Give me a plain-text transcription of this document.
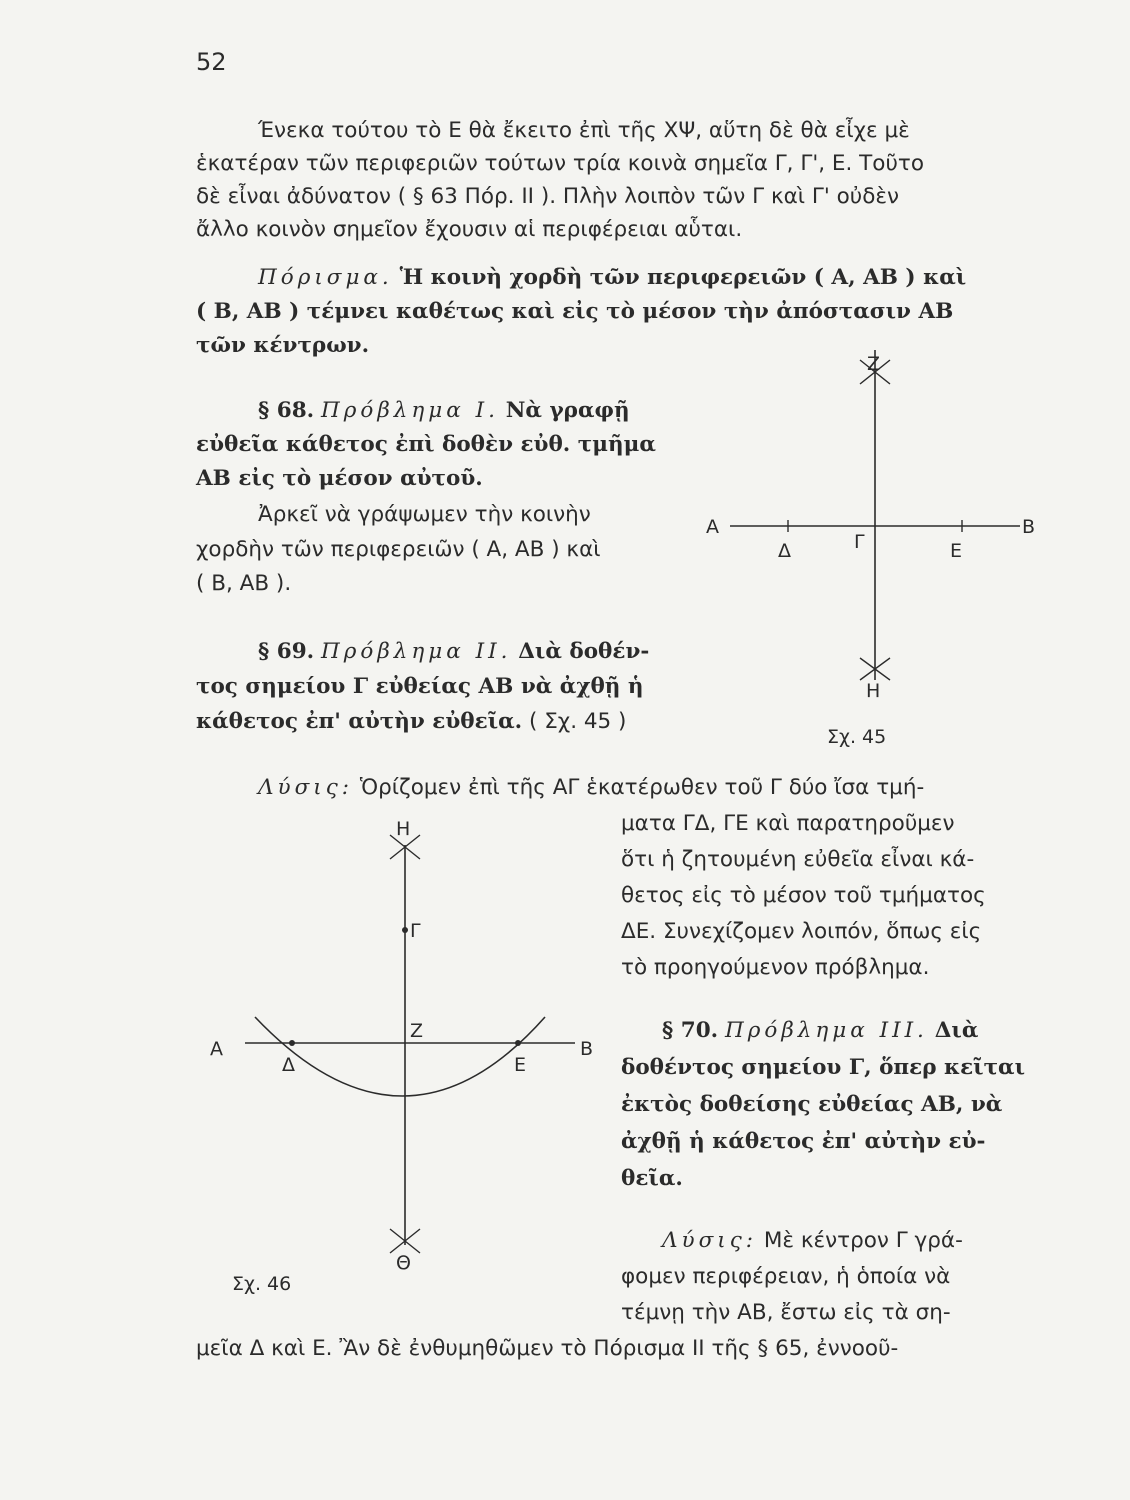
52
Ένεκα τούτου τὸ Ε θὰ ἔκειτο ἐπὶ τῆς ΧΨ, αὕτη δὲ θὰ εἶχε μὲ
ἑκατέραν τῶν περιφεριῶν τούτων τρία κοινὰ σημεῖα Γ, Γ', Ε. Τοῦτο
δὲ εἶναι ἀδύνατον ( § 63 Πόρ. II ). Πλὴν λοιπὸν τῶν Γ καὶ Γ' οὐδὲν
ἄλλο κοινὸν σημεῖον ἔχουσιν αἱ περιφέρειαι αὗται.
Πόρισμα. Ἡ κοινὴ χορδὴ τῶν περιφερειῶν ( Α, ΑΒ ) καὶ
( Β, ΑΒ ) τέμνει καθέτως καὶ εἰς τὸ μέσον τὴν ἀπόστασιν ΑΒ
τῶν κέντρων.
§ 68. Πρόβλημα I. Νὰ γραφῇ
εὐθεῖα κάθετος ἐπὶ δοθὲν εὐθ. τμῆμα
ΑΒ εἰς τὸ μέσον αὐτοῦ.
Ἀρκεῖ νὰ γράψωμεν τὴν κοινὴν
χορδὴν τῶν περιφερειῶν ( Α, ΑΒ ) καὶ
( Β, ΑΒ ).
Z
A	B
Δ	Γ	Ε
Η
Σχ. 45
§ 69. Πρόβλημα II. Διὰ δοθέν-
τος σημείου Γ εὐθείας ΑΒ νὰ ἀχθῇ ἡ
κάθετος ἐπ' αὐτὴν εὐθεῖα. ( Σχ. 45 )
Λύσις: Ὁρίζομεν ἐπὶ τῆς ΑΓ ἑκατέρωθεν τοῦ Γ δύο ἴσα τμή-
ματα ΓΔ, ΓΕ καὶ παρατηροῦμεν
ὅτι ἡ ζητουμένη εὐθεῖα εἶναι κά-
θετος εἰς τὸ μέσον τοῦ τμήματος
ΔΕ. Συνεχίζομεν λοιπόν, ὅπως εἰς
τὸ προηγούμενον πρόβλημα.
Η
Γ
Ζ
Α	Β
Δ	Ε
Θ
Σχ. 46
§ 70. Πρόβλημα III. Διὰ
δοθέντος σημείου Γ, ὅπερ κεῖται
ἐκτὸς δοθείσης εὐθείας ΑΒ, νὰ
ἀχθῇ ἡ κάθετος ἐπ' αὐτὴν εὐ-
θεῖα.
Λύσις: Μὲ κέντρον Γ γρά-
φομεν περιφέρειαν, ἡ ὁποία νὰ
τέμνῃ τὴν ΑΒ, ἔστω εἰς τὰ ση-
μεῖα Δ καὶ Ε. Ἂν δὲ ἐνθυμηθῶμεν τὸ Πόρισμα II τῆς § 65, ἐννοοῦ-
